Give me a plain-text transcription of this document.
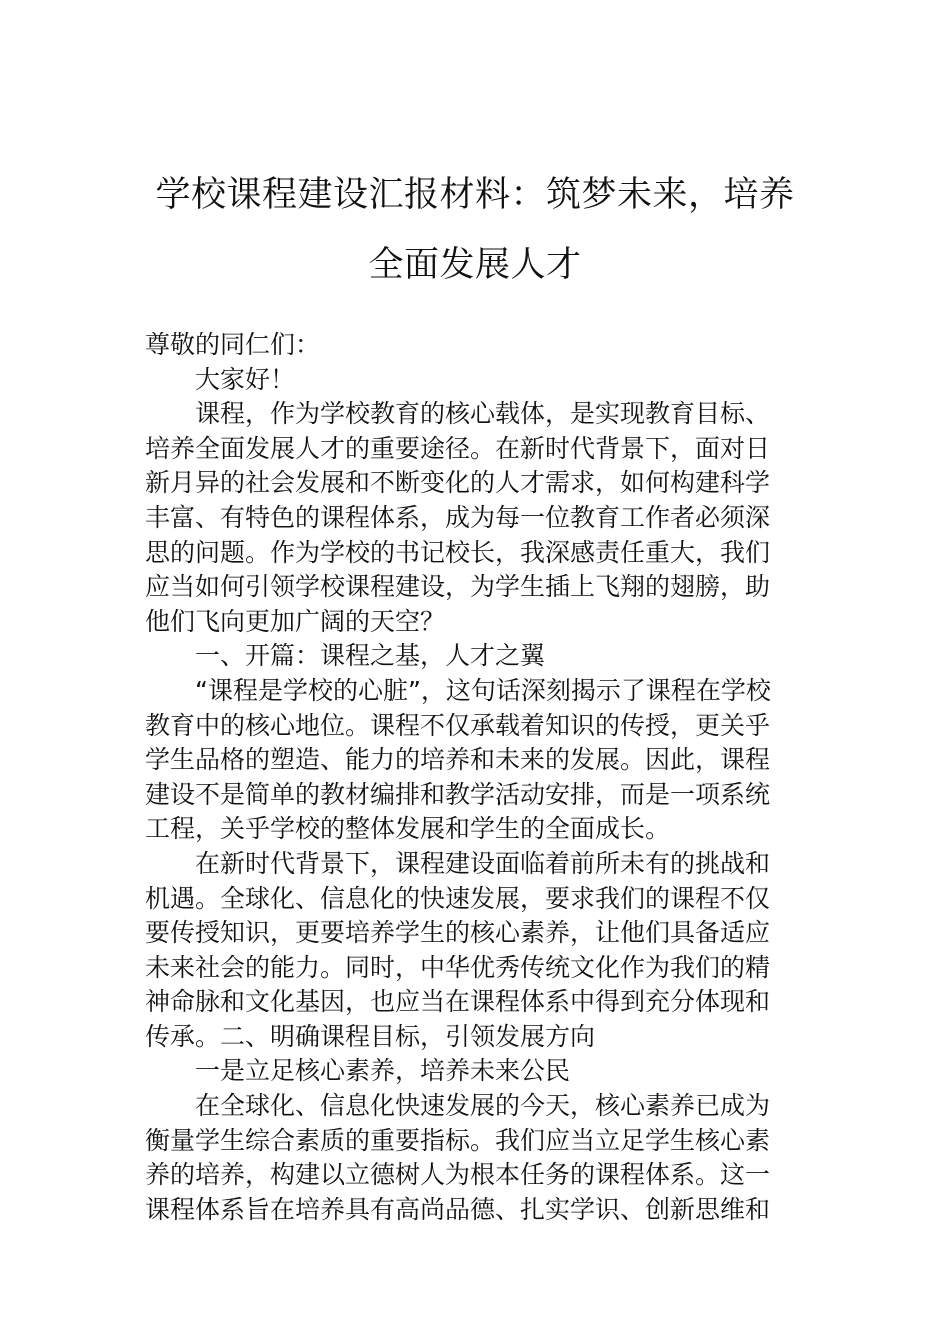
学校课程建设汇报材料：筑梦未来，培养
全面发展人才
尊敬的同仁们：
大家好！
课程，作为学校教育的核心载体，是实现教育目标、
培养全面发展人才的重要途径。在新时代背景下，面对日
新月异的社会发展和不断变化的人才需求，如何构建科学
丰富、有特色的课程体系，成为每一位教育工作者必须深
思的问题。作为学校的书记校长，我深感责任重大，我们
应当如何引领学校课程建设，为学生插上飞翔的翅膀，助
他们飞向更加广阔的天空？
一、开篇：课程之基，人才之翼
“课程是学校的心脏”，这句话深刻揭示了课程在学校
教育中的核心地位。课程不仅承载着知识的传授，更关乎
学生品格的塑造、能力的培养和未来的发展。因此，课程
建设不是简单的教材编排和教学活动安排，而是一项系统
工程，关乎学校的整体发展和学生的全面成长。
在新时代背景下，课程建设面临着前所未有的挑战和
机遇。全球化、信息化的快速发展，要求我们的课程不仅
要传授知识，更要培养学生的核心素养，让他们具备适应
未来社会的能力。同时，中华优秀传统文化作为我们的精
神命脉和文化基因，也应当在课程体系中得到充分体现和
传承。二、明确课程目标，引领发展方向
一是立足核心素养，培养未来公民
在全球化、信息化快速发展的今天，核心素养已成为
衡量学生综合素质的重要指标。我们应当立足学生核心素
养的培养，构建以立德树人为根本任务的课程体系。这一
课程体系旨在培养具有高尚品德、扎实学识、创新思维和
